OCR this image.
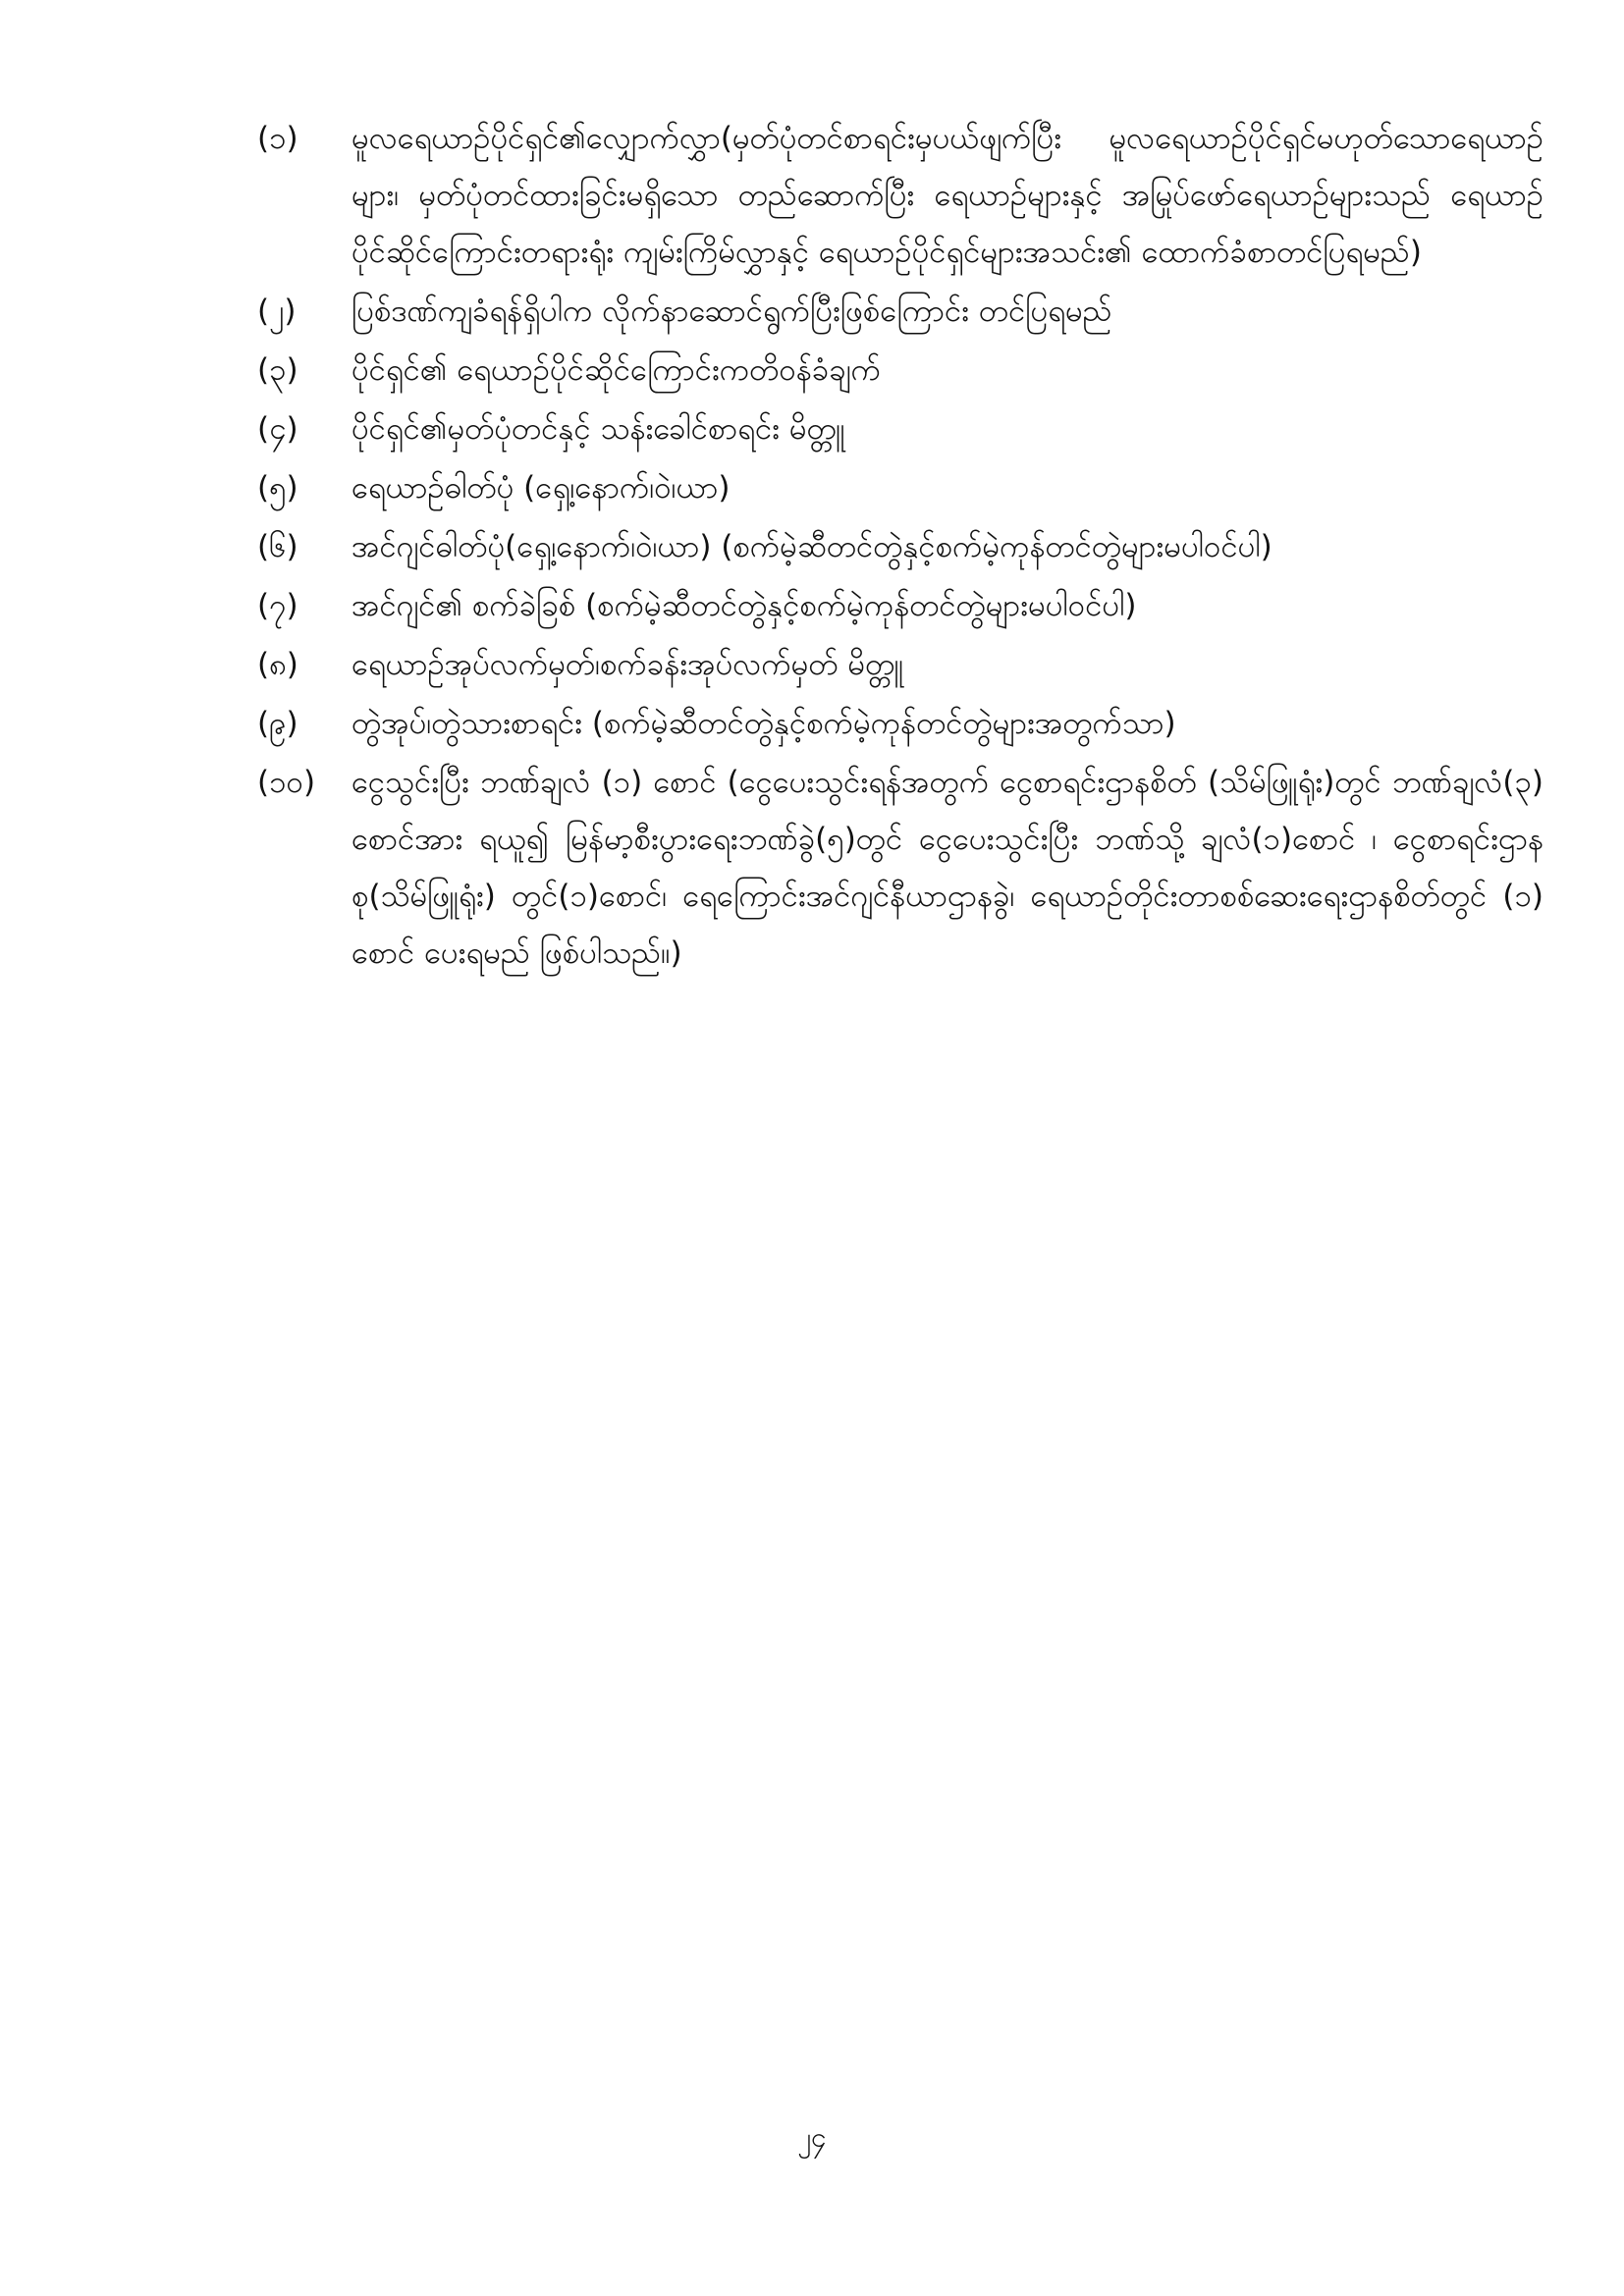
(၁)	မူလရေယာဉ်ပိုင်ရှင်၏လျှောက်လွှာ(မှတ်ပုံတင်စာရင်းမှပယ်ဖျက်ပြီး မူလရေယာဉ်ပိုင်ရှင်မဟုတ်သောရေယာဉ်များ၊ မှတ်ပုံတင်ထားခြင်းမရှိသော တည်ဆောက်ပြီး ရေယာဉ်များနှင့် အမြုပ်ဖော်ရေယာဉ်များသည် ရေယာဉ်ပိုင်ဆိုင်ကြောင်းတရားရုံး ကျမ်းကြိမ်လွှာနှင့် ရေယာဉ်ပိုင်ရှင်များအသင်း၏ ထောက်ခံစာတင်ပြရမည်)
(၂)	ပြစ်ဒဏ်ကျခံရန်ရှိပါက လိုက်နာဆောင်ရွက်ပြီးဖြစ်ကြောင်း တင်ပြရမည်
(၃)	ပိုင်ရှင်၏ ရေယာဉ်ပိုင်ဆိုင်ကြောင်းကတိဝန်ခံချက်
(၄)	ပိုင်ရှင်၏မှတ်ပုံတင်နှင့် သန်းခေါင်စာရင်း မိတ္တူ
(၅)	ရေယာဉ်ဓါတ်ပုံ (ရှေ့၊နောက်၊ဝဲ၊ယာ)
(၆)	အင်ဂျင်ဓါတ်ပုံ(ရှေ့၊နောက်၊ဝဲ၊ယာ) (စက်မဲ့ဆီတင်တွဲနှင့်စက်မဲ့ကုန်တင်တွဲများမပါဝင်ပါ)
(၇)	အင်ဂျင်၏ စက်ခဲခြစ် (စက်မဲ့ဆီတင်တွဲနှင့်စက်မဲ့ကုန်တင်တွဲများမပါဝင်ပါ)
(၈)	ရေယာဉ်အုပ်လက်မှတ်၊စက်ခန်းအုပ်လက်မှတ် မိတ္တူ
(၉)	တွဲအုပ်၊တွဲသားစာရင်း (စက်မဲ့ဆီတင်တွဲနှင့်စက်မဲ့ကုန်တင်တွဲများအတွက်သာ)
(၁၀)	ငွေသွင်းပြီး ဘဏ်ချလံ (၁) စောင် (ငွေပေးသွင်းရန်အတွက် ငွေစာရင်းဌာနစိတ် (သိမ်ဖြူရုံး)တွင် ဘဏ်ချလံ(၃) စောင်အား ရယူ၍ မြန်မာ့စီးပွားရေးဘဏ်ခွဲ(၅)တွင် ငွေပေးသွင်းပြီး ဘဏ်သို့ ချလံ(၁)စောင် ၊ ငွေစာရင်းဌာနစု(သိမ်ဖြူရုံး) တွင်(၁)စောင်၊ ရေကြောင်းအင်ဂျင်နီယာဌာနခွဲ၊ ရေယာဉ်တိုင်းတာစစ်ဆေးရေးဌာနစိတ်တွင် (၁) စောင် ပေးရမည် ဖြစ်ပါသည်။)
၂၄
